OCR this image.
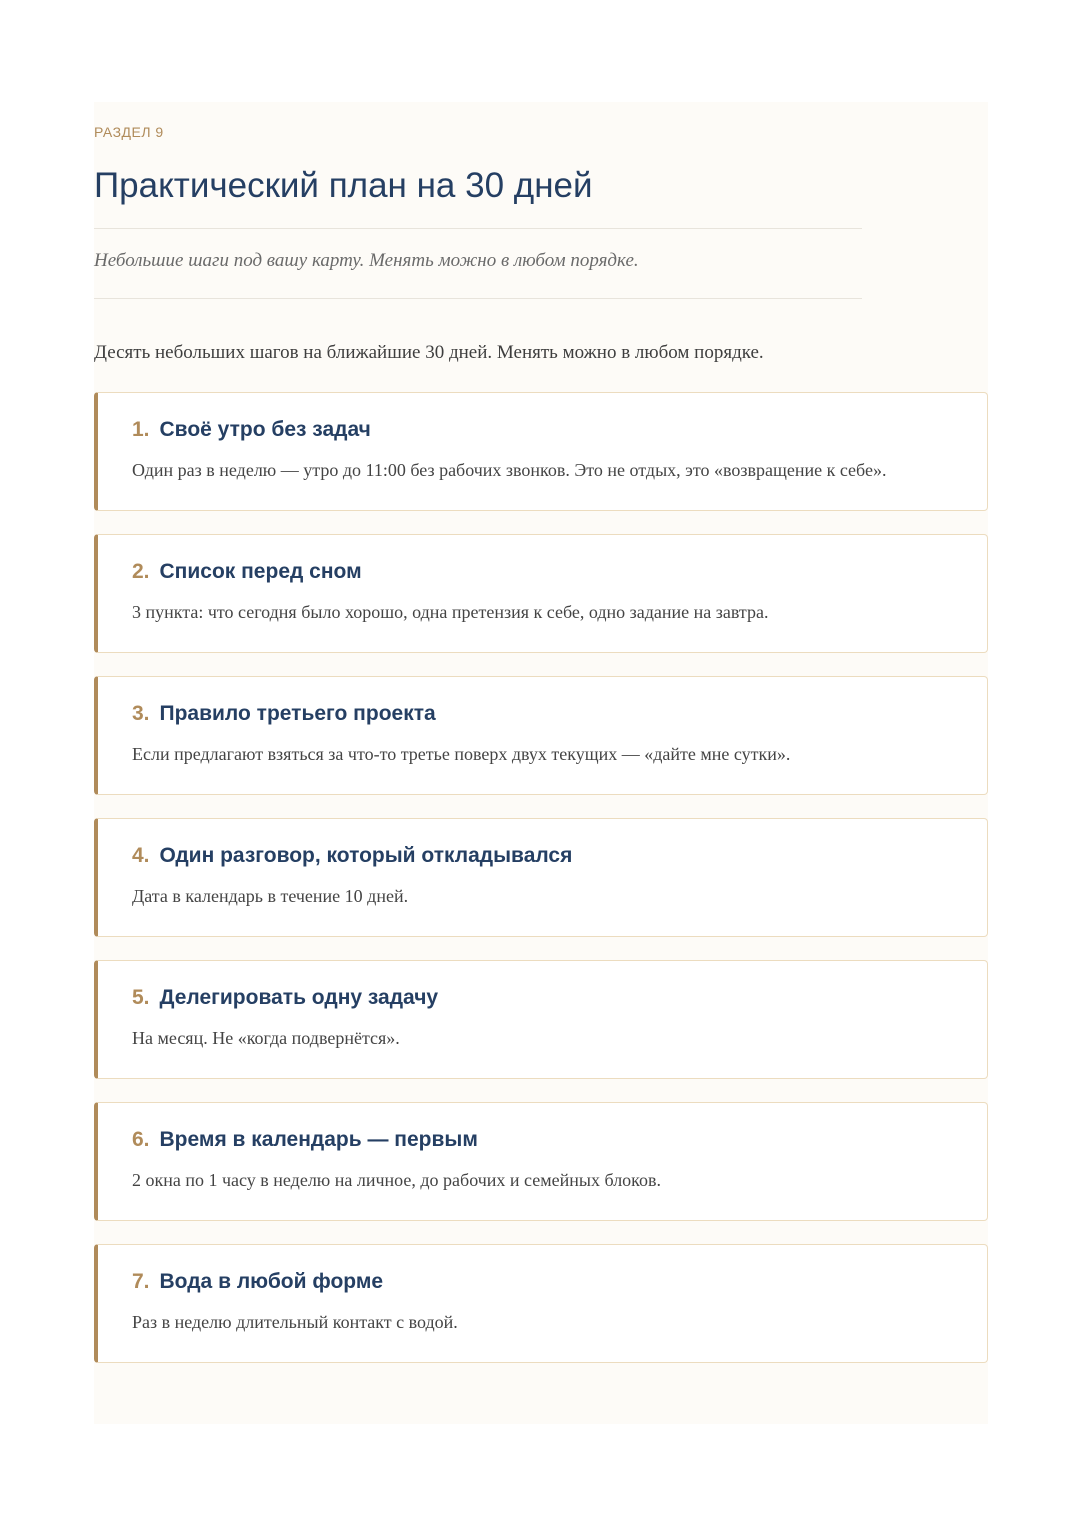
РАЗДЕЛ 9
Практический план на 30 дней
Небольшие шаги под вашу карту. Менять можно в любом порядке.
Десять небольших шагов на ближайшие 30 дней. Менять можно в любом порядке.
1. Своё утро без задач
Один раз в неделю — утро до 11:00 без рабочих звонков. Это не отдых, это «возвращение к себе».
2. Список перед сном
3 пункта: что сегодня было хорошо, одна претензия к себе, одно задание на завтра.
3. Правило третьего проекта
Если предлагают взяться за что-то третье поверх двух текущих — «дайте мне сутки».
4. Один разговор, который откладывался
Дата в календарь в течение 10 дней.
5. Делегировать одну задачу
На месяц. Не «когда подвернётся».
6. Время в календарь — первым
2 окна по 1 часу в неделю на личное, до рабочих и семейных блоков.
7. Вода в любой форме
Раз в неделю длительный контакт с водой.
